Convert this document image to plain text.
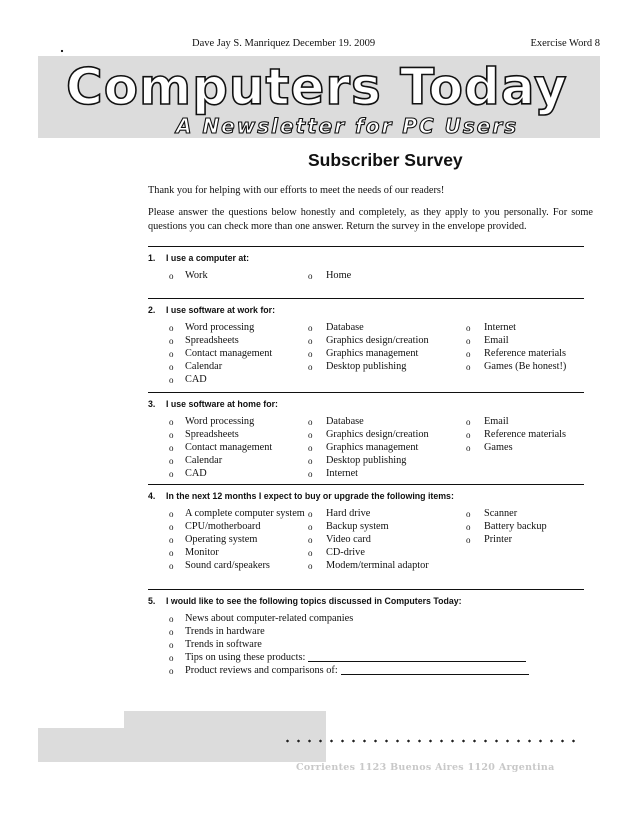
Dave Jay S. Manriquez December 19. 2009	Exercise Word 8
Computers Today
A Newsletter for PC Users
Subscriber Survey
Thank you for helping with our efforts to meet the needs of our readers!
Please answer the questions below honestly and completely, as they apply to you personally. For some questions you can check more than one answer. Return the survey in the envelope provided.
1.	I use a computer at:
o	Work	o	Home
2.	I use software at work for:
o	Word processing
o	Spreadsheets
o	Contact management
o	Calendar
o	CAD
o	Database
o	Graphics design/creation
o	Graphics management
o	Desktop publishing
o	Internet
o	Email
o	Reference materials
o	Games (Be honest!)
3.	I use software at home for:
o	Word processing
o	Spreadsheets
o	Contact management
o	Calendar
o	CAD
o	Database
o	Graphics design/creation
o	Graphics management
o	Desktop publishing
o	Internet
o	Email
o	Reference materials
o	Games
4.	In the next 12 months I expect to buy or upgrade the following items:
o	A complete computer system
o	CPU/motherboard
o	Operating system
o	Monitor
o	Sound card/speakers
o	Hard drive
o	Backup system
o	Video card
o	CD-drive
o	Modem/terminal adaptor
o	Scanner
o	Battery backup
o	Printer
5.	I would like to see the following topics discussed in Computers Today:
o	News about computer-related companies
o	Trends in hardware
o	Trends in software
o	Tips on using these products:
o	Product reviews and comparisons of:
Corrientes 1123 Buenos Aires 1120 Argentina
